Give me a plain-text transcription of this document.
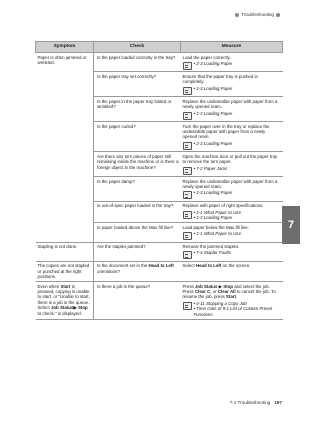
Troubleshooting
7
Symptom	Check	Measure
Paper is often jammed or wrinkled.	Is the paper loaded correctly in the tray?	Load the paper correctly.
• 2-3 Loading Paper

	Is the paper tray set correctly?	Ensure that the paper tray is pushed in completely.
• 2-3 Loading Paper

	Is the paper in the paper tray folded or wrinkled?	Replace the undesirable paper with paper from a newly opened ream.
• 2-3 Loading Paper

	Is the paper curled?	Turn the paper over in the tray or replace the undesirable paper with paper from a newly opened ream.
• 2-3 Loading Paper

	Are there any torn pieces of paper still remaining inside the machine or is there a foreign object in the machine?	Open the machine door or pull out the paper tray to remove the torn paper.
• 7-2 Paper Jams

	Is the paper damp?	Replace the undesirable paper with paper from a newly opened ream.
• 2-3 Loading Paper

	Is out-of-spec paper loaded in the tray?	Replace with paper of right specifications.
• 2-1 What Paper to Use
• 2-3 Loading Paper

	Is paper loaded above the Max fill line?	Load paper below the Max fill line.
• 2-1 What Paper to Use

Stapling is not done.	Are the staples jammed?	Remove the jammed staples.
• 7-4 Stapler Faults

The copies are not stapled or punched at the right positions.	Is the document set in the Head to Left orientation?	Select Head to Left on the screen.
Even when Start is pressed, copying is unable to start, or “Unable to start, there is a job in the queue. Select Job Status▶ Stop to check.” is displayed.	Is there a job in the queue?	Press Job Status ▶ Stop and select the job. Press Clear C, or Clear All to cancel the job. To resume the job, press Start.
• 4-11 Stopping a Copy Job
• Time Outs of 9-1 List of Custom Preset Functions
7-1 Troubleshooting 197
